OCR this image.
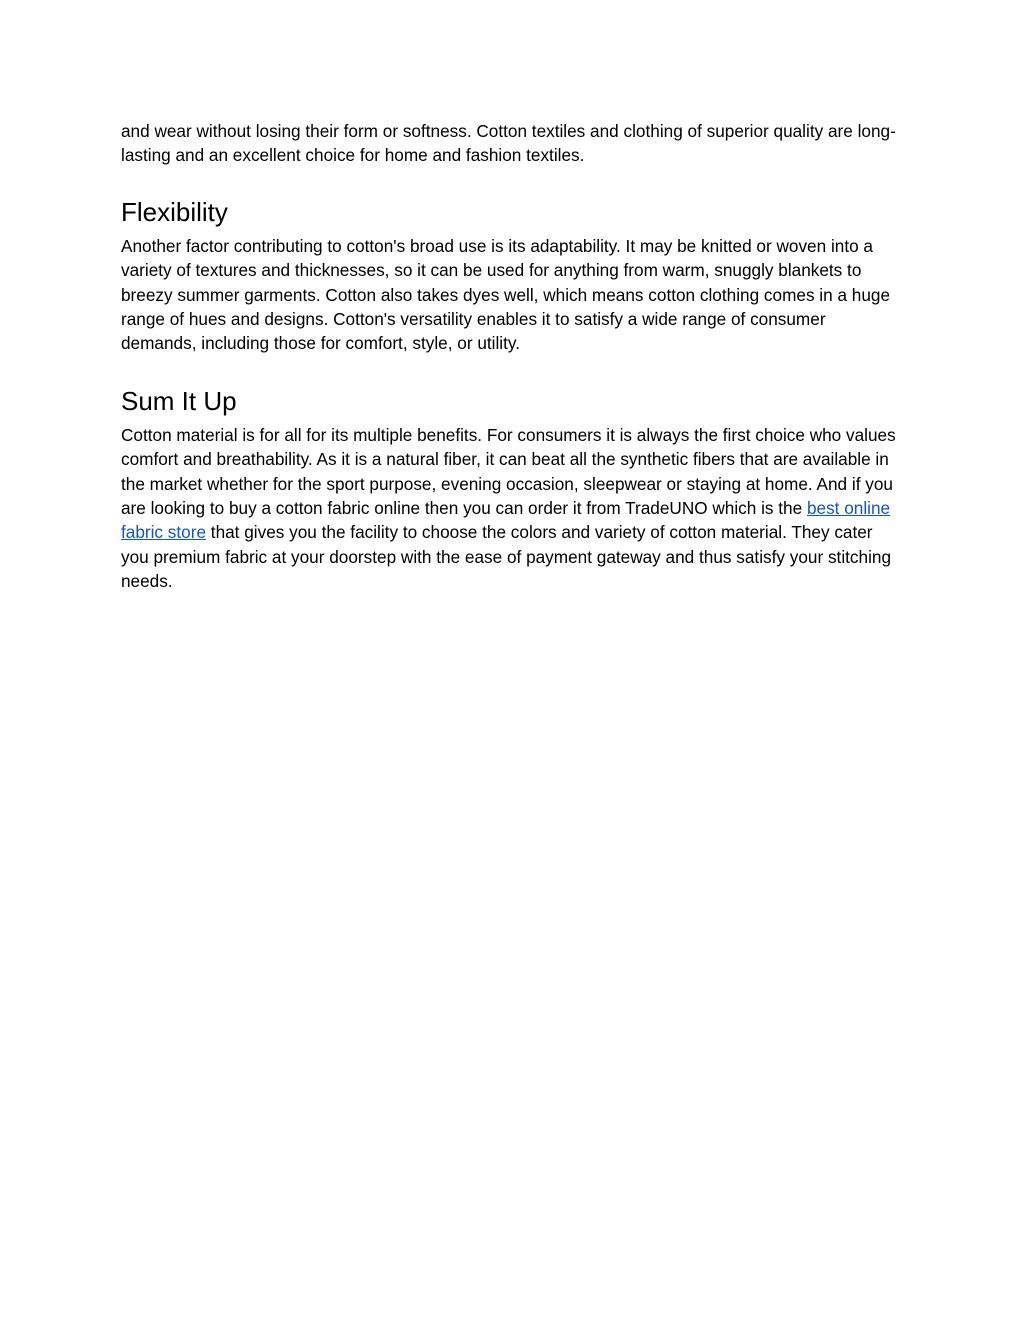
and wear without losing their form or softness. Cotton textiles and clothing of superior quality are long-lasting and an excellent choice for home and fashion textiles.

Flexibility

Another factor contributing to cotton's broad use is its adaptability. It may be knitted or woven into a variety of textures and thicknesses, so it can be used for anything from warm, snuggly blankets to breezy summer garments. Cotton also takes dyes well, which means cotton clothing comes in a huge range of hues and designs. Cotton's versatility enables it to satisfy a wide range of consumer demands, including those for comfort, style, or utility.

Sum It Up

Cotton material is for all for its multiple benefits. For consumers it is always the first choice who values comfort and breathability. As it is a natural fiber, it can beat all the synthetic fibers that are available in the market whether for the sport purpose, evening occasion, sleepwear or staying at home. And if you are looking to buy a cotton fabric online then you can order it from TradeUNO which is the best online fabric store that gives you the facility to choose the colors and variety of cotton material. They cater you premium fabric at your doorstep with the ease of payment gateway and thus satisfy your stitching needs.
